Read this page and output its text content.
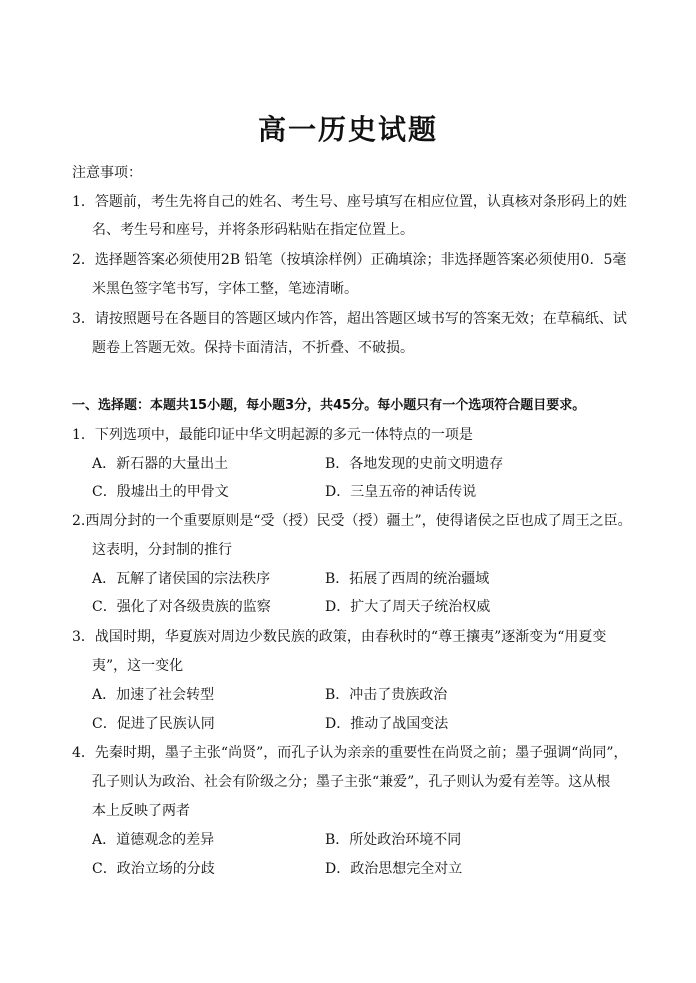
高一历史试题
注意事项：
1．答题前，考生先将自己的姓名、考生号、座号填写在相应位置，认真核对条形码上的姓
名、考生号和座号，并将条形码粘贴在指定位置上。
2．选择题答案必须使用2B 铅笔（按填涂样例）正确填涂；非选择题答案必须使用0．5毫
米黑色签字笔书写，字体工整，笔迹清晰。
3．请按照题号在各题目的答题区域内作答，超出答题区域书写的答案无效；在草稿纸、试
题卷上答题无效。保持卡面清洁，不折叠、不破损。
一、选择题：本题共15小题，每小题3分，共45分。每小题只有一个选项符合题目要求。
1．下列选项中，最能印证中华文明起源的多元一体特点的一项是
A．新石器的大量出土	B．各地发现的史前文明遗存
C．殷墟出土的甲骨文	D．三皇五帝的神话传说
2.西周分封的一个重要原则是“受（授）民受（授）疆土”，使得诸侯之臣也成了周王之臣。
这表明，分封制的推行
A．瓦解了诸侯国的宗法秩序	B．拓展了西周的统治疆域
C．强化了对各级贵族的监察	D．扩大了周天子统治权威
3．战国时期，华夏族对周边少数民族的政策，由春秋时的“尊王攘夷”逐渐变为“用夏变
夷”，这一变化
A．加速了社会转型	B．冲击了贵族政治
C．促进了民族认同	D．推动了战国变法
4．先秦时期，墨子主张“尚贤”，而孔子认为亲亲的重要性在尚贤之前；墨子强调“尚同”，
孔子则认为政治、社会有阶级之分；墨子主张“兼爱”，孔子则认为爱有差等。这从根
本上反映了两者
A．道德观念的差异	B．所处政治环境不同
C．政治立场的分歧	D．政治思想完全对立
